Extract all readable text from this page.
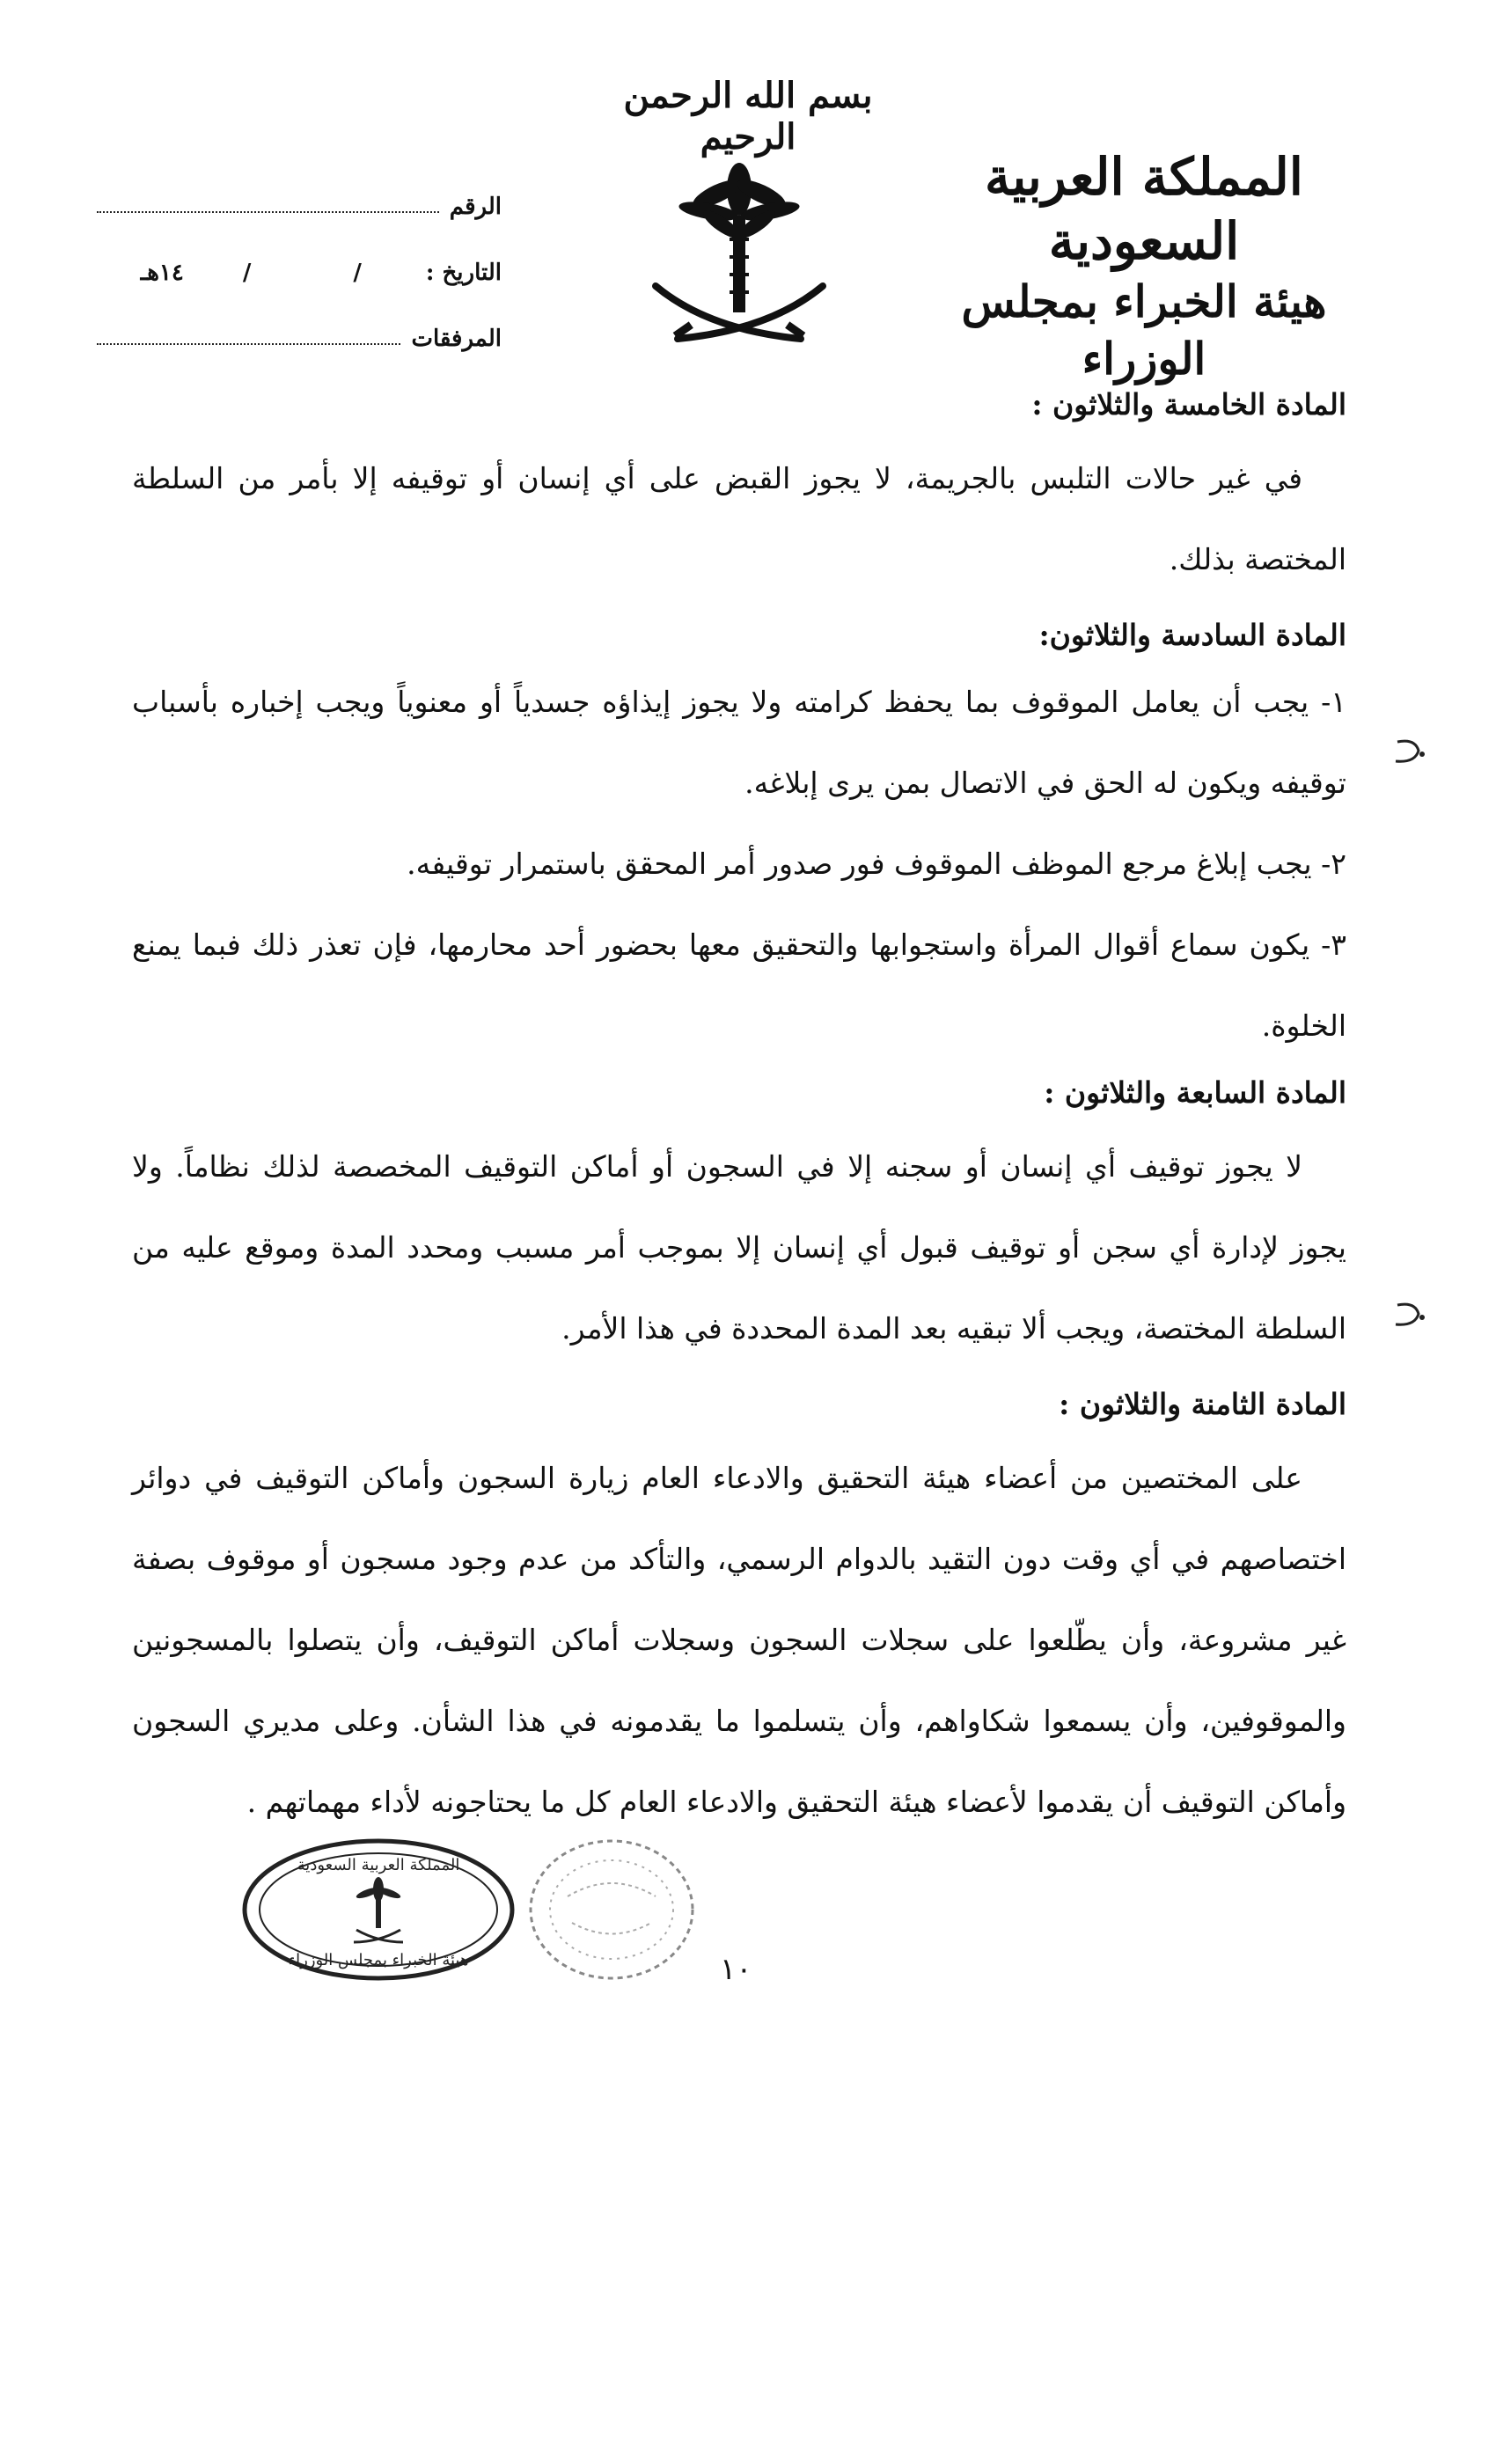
بسم الله الرحمن الرحيم
المملكة العربية السعودية
هيئة الخبراء بمجلس الوزراء
الرقم
التاريخ :
//
١٤هـ
المرفقات
المادة الخامسة والثلاثون :

في غير حالات التلبس بالجريمة، لا يجوز القبض على أي إنسان أو توقيفه إلا بأمر من السلطة المختصة بذلك.

المادة السادسة والثلاثون:

١- يجب أن يعامل الموقوف بما يحفظ كرامته ولا يجوز إيذاؤه جسدياً أو معنوياً ويجب إخباره بأسباب توقيفه ويكون له الحق في الاتصال بمن يرى إبلاغه.

٢- يجب إبلاغ مرجع الموظف الموقوف فور صدور أمر المحقق باستمرار توقيفه.

٣- يكون سماع أقوال المرأة واستجوابها والتحقيق معها بحضور أحد محارمها، فإن تعذر ذلك فبما يمنع الخلوة.

المادة السابعة والثلاثون :

لا يجوز توقيف أي إنسان أو سجنه إلا في السجون أو أماكن التوقيف المخصصة لذلك نظاماً. ولا يجوز لإدارة أي سجن أو توقيف قبول أي إنسان إلا بموجب أمر مسبب ومحدد المدة وموقع عليه من السلطة المختصة، ويجب ألا تبقيه بعد المدة المحددة في هذا الأمر.

المادة الثامنة والثلاثون :

على المختصين من أعضاء هيئة التحقيق والادعاء العام زيارة السجون وأماكن التوقيف في دوائر اختصاصهم في أي وقت دون التقيد بالدوام الرسمي، والتأكد من عدم وجود مسجون أو موقوف بصفة غير مشروعة، وأن يطّلعوا على سجلات السجون وسجلات أماكن التوقيف، وأن يتصلوا بالمسجونين والموقوفين، وأن يسمعوا شكاواهم، وأن يتسلموا ما يقدمونه في هذا الشأن. وعلى مديري السجون وأماكن التوقيف أن يقدموا لأعضاء هيئة التحقيق والادعاء العام كل ما يحتاجونه لأداء مهماتهم .

المملكة العربية السعودية
هيئة الخبراء بمجلس الوزراء	١٠
